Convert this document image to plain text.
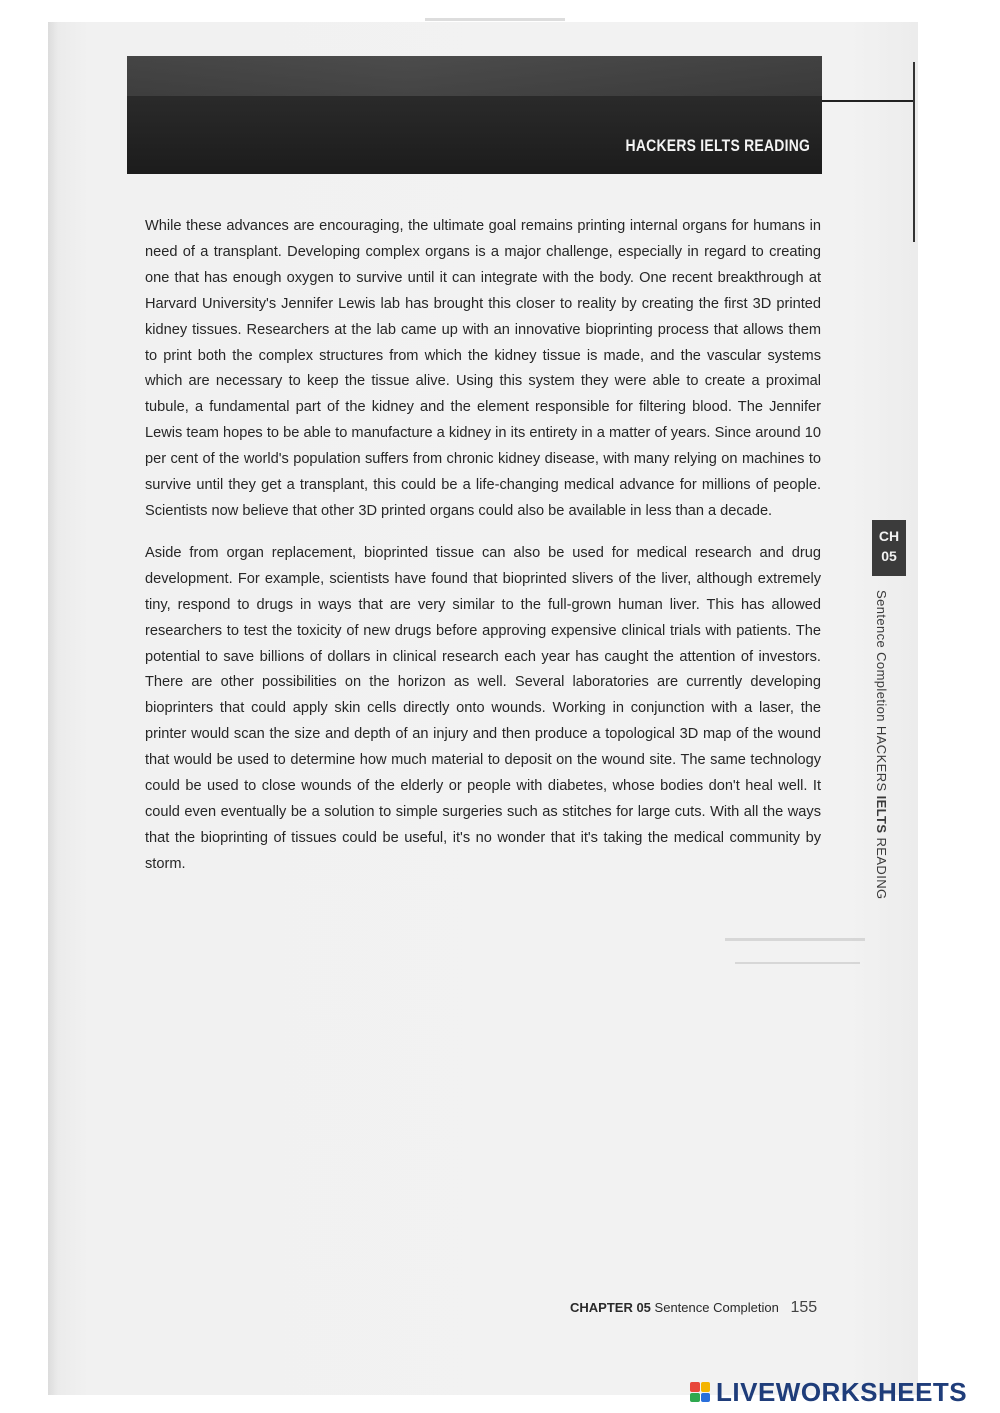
HACKERS IELTS READING

While these advances are encouraging, the ultimate goal remains printing internal organs for humans in need of a transplant. Developing complex organs is a major challenge, especially in regard to creating one that has enough oxygen to survive until it can integrate with the body. One recent breakthrough at Harvard University's Jennifer Lewis lab has brought this closer to reality by creating the first 3D printed kidney tissues. Researchers at the lab came up with an innovative bioprinting process that allows them to print both the complex structures from which the kidney tissue is made, and the vascular systems which are necessary to keep the tissue alive. Using this system they were able to create a proximal tubule, a fundamental part of the kidney and the element responsible for filtering blood. The Jennifer Lewis team hopes to be able to manufacture a kidney in its entirety in a matter of years. Since around 10 per cent of the world's population suffers from chronic kidney disease, with many relying on machines to survive until they get a transplant, this could be a life-changing medical advance for millions of people. Scientists now believe that other 3D printed organs could also be available in less than a decade.

Aside from organ replacement, bioprinted tissue can also be used for medical research and drug development. For example, scientists have found that bioprinted slivers of the liver, although extremely tiny, respond to drugs in ways that are very similar to the full-grown human liver. This has allowed researchers to test the toxicity of new drugs before approving expensive clinical trials with patients. The potential to save billions of dollars in clinical research each year has caught the attention of investors. There are other possibilities on the horizon as well. Several laboratories are currently developing bioprinters that could apply skin cells directly onto wounds. Working in conjunction with a laser, the printer would scan the size and depth of an injury and then produce a topological 3D map of the wound that would be used to determine how much material to deposit on the wound site. The same technology could be used to close wounds of the elderly or people with diabetes, whose bodies don't heal well. It could even eventually be a solution to simple surgeries such as stitches for large cuts. With all the ways that the bioprinting of tissues could be useful, it's no wonder that it's taking the medical community by storm.

CH
05
Sentence Completion HACKERS IELTS READING
CHAPTER 05 Sentence Completion 155
LIVEWORKSHEETS
